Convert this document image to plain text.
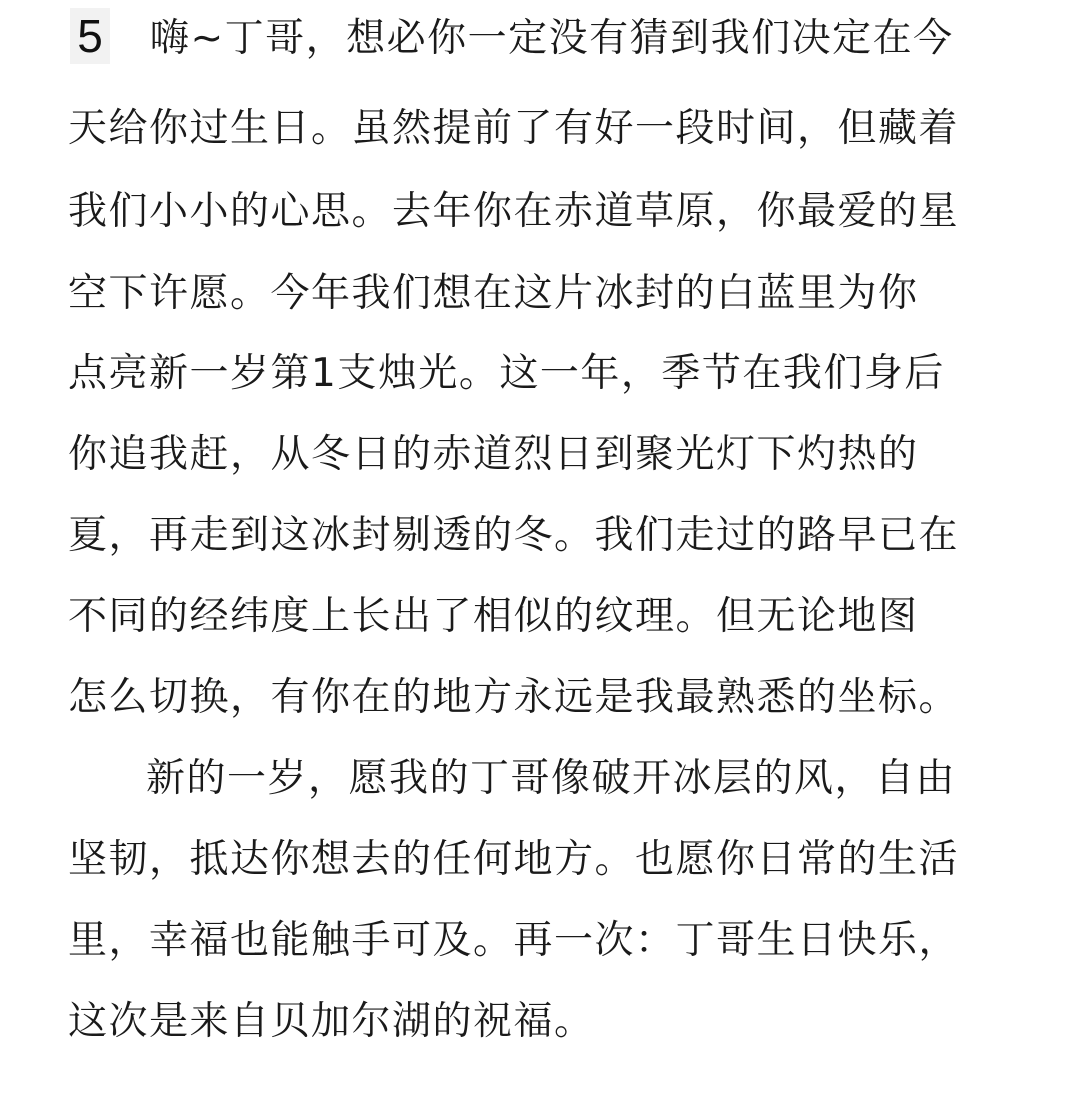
5 嗨~丁哥，想必你一定没有猜到我们决定在今
天给你过生日。虽然提前了有好一段时间，但藏着
我们小小的心思。去年你在赤道草原，你最爱的星
空下许愿。今年我们想在这片冰封的白蓝里为你
点亮新一岁第1支烛光。这一年，季节在我们身后
你追我赶，从冬日的赤道烈日到聚光灯下灼热的
夏，再走到这冰封剔透的冬。我们走过的路早已在
不同的经纬度上长出了相似的纹理。但无论地图
怎么切换，有你在的地方永远是我最熟悉的坐标。
新的一岁，愿我的丁哥像破开冰层的风，自由
坚韧，抵达你想去的任何地方。也愿你日常的生活
里，幸福也能触手可及。再一次：丁哥生日快乐，
这次是来自贝加尔湖的祝福。
